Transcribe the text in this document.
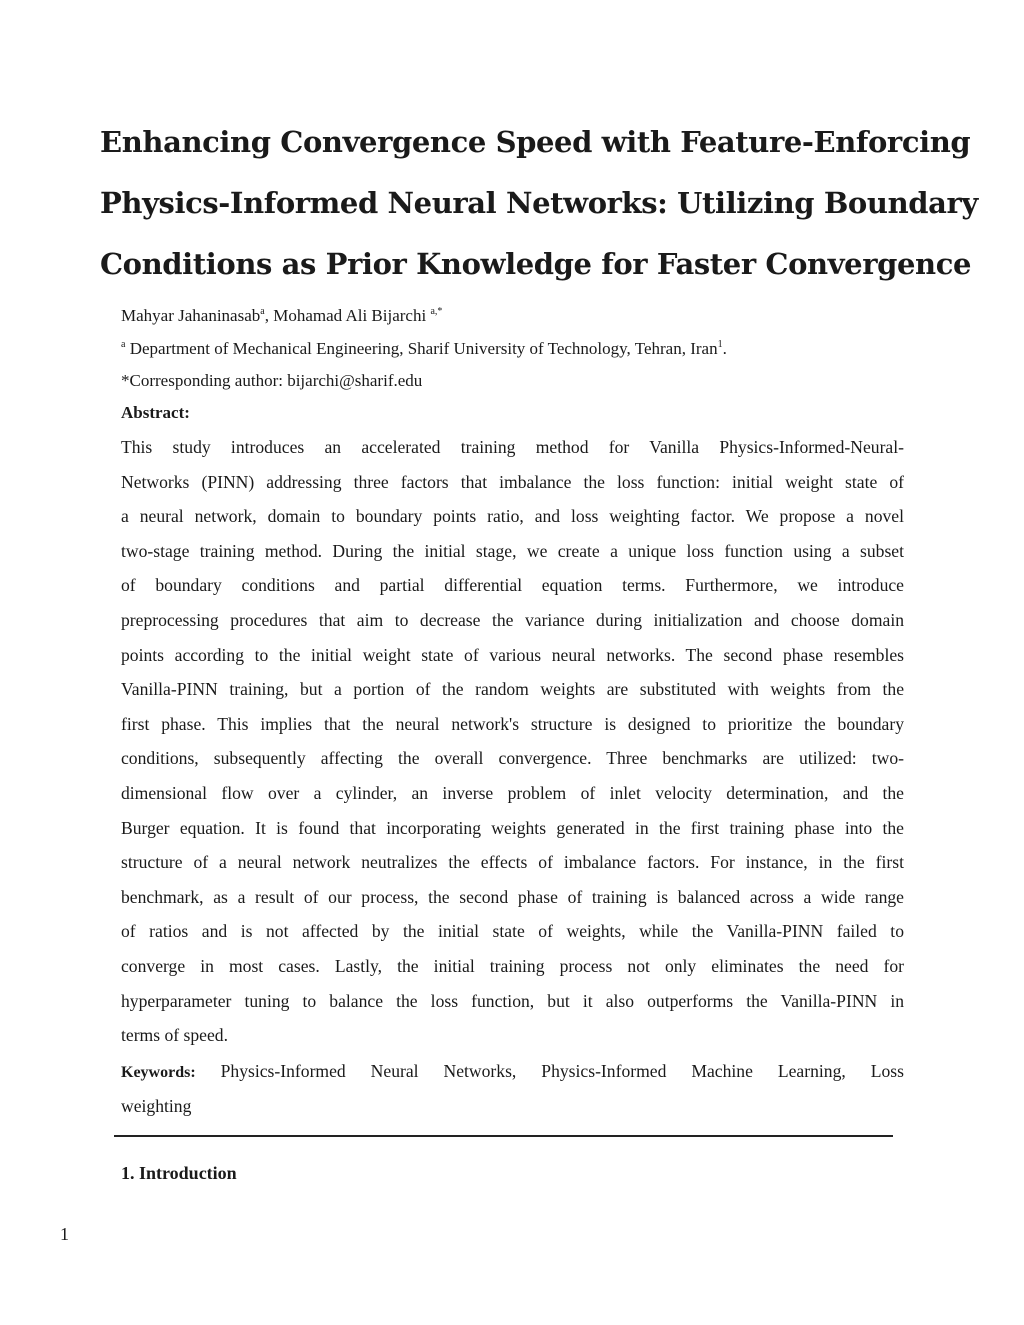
Enhancing Convergence Speed with Feature-Enforcing
Physics-Informed Neural Networks: Utilizing Boundary
Conditions as Prior Knowledge for Faster Convergence
Mahyar Jahaninasab$^a$, Mohamad Ali Bijarchi $^{a,*}$
$^a$ Department of Mechanical Engineering, Sharif University of Technology, Tehran, Iran$^1$.
*Corresponding author: bijarchi@sharif.edu
Abstract:

This study introduces an accelerated training method for Vanilla Physics-Informed-Neural-
Networks (PINN) addressing three factors that imbalance the loss function: initial weight state of
a neural network, domain to boundary points ratio, and loss weighting factor. We propose a novel
two-stage training method. During the initial stage, we create a unique loss function using a subset
of boundary conditions and partial differential equation terms. Furthermore, we introduce
preprocessing procedures that aim to decrease the variance during initialization and choose domain
points according to the initial weight state of various neural networks. The second phase resembles
Vanilla-PINN training, but a portion of the random weights are substituted with weights from the
first phase. This implies that the neural network's structure is designed to prioritize the boundary
conditions, subsequently affecting the overall convergence. Three benchmarks are utilized: two-
dimensional flow over a cylinder, an inverse problem of inlet velocity determination, and the
Burger equation. It is found that incorporating weights generated in the first training phase into the
structure of a neural network neutralizes the effects of imbalance factors. For instance, in the first
benchmark, as a result of our process, the second phase of training is balanced across a wide range
of ratios and is not affected by the initial state of weights, while the Vanilla-PINN failed to
converge in most cases. Lastly, the initial training process not only eliminates the need for
hyperparameter tuning to balance the loss function, but it also outperforms the Vanilla-PINN in
terms of speed.

Keywords: Physics-Informed Neural Networks, Physics-Informed Machine Learning, Loss
weighting

1. Introduction
1
